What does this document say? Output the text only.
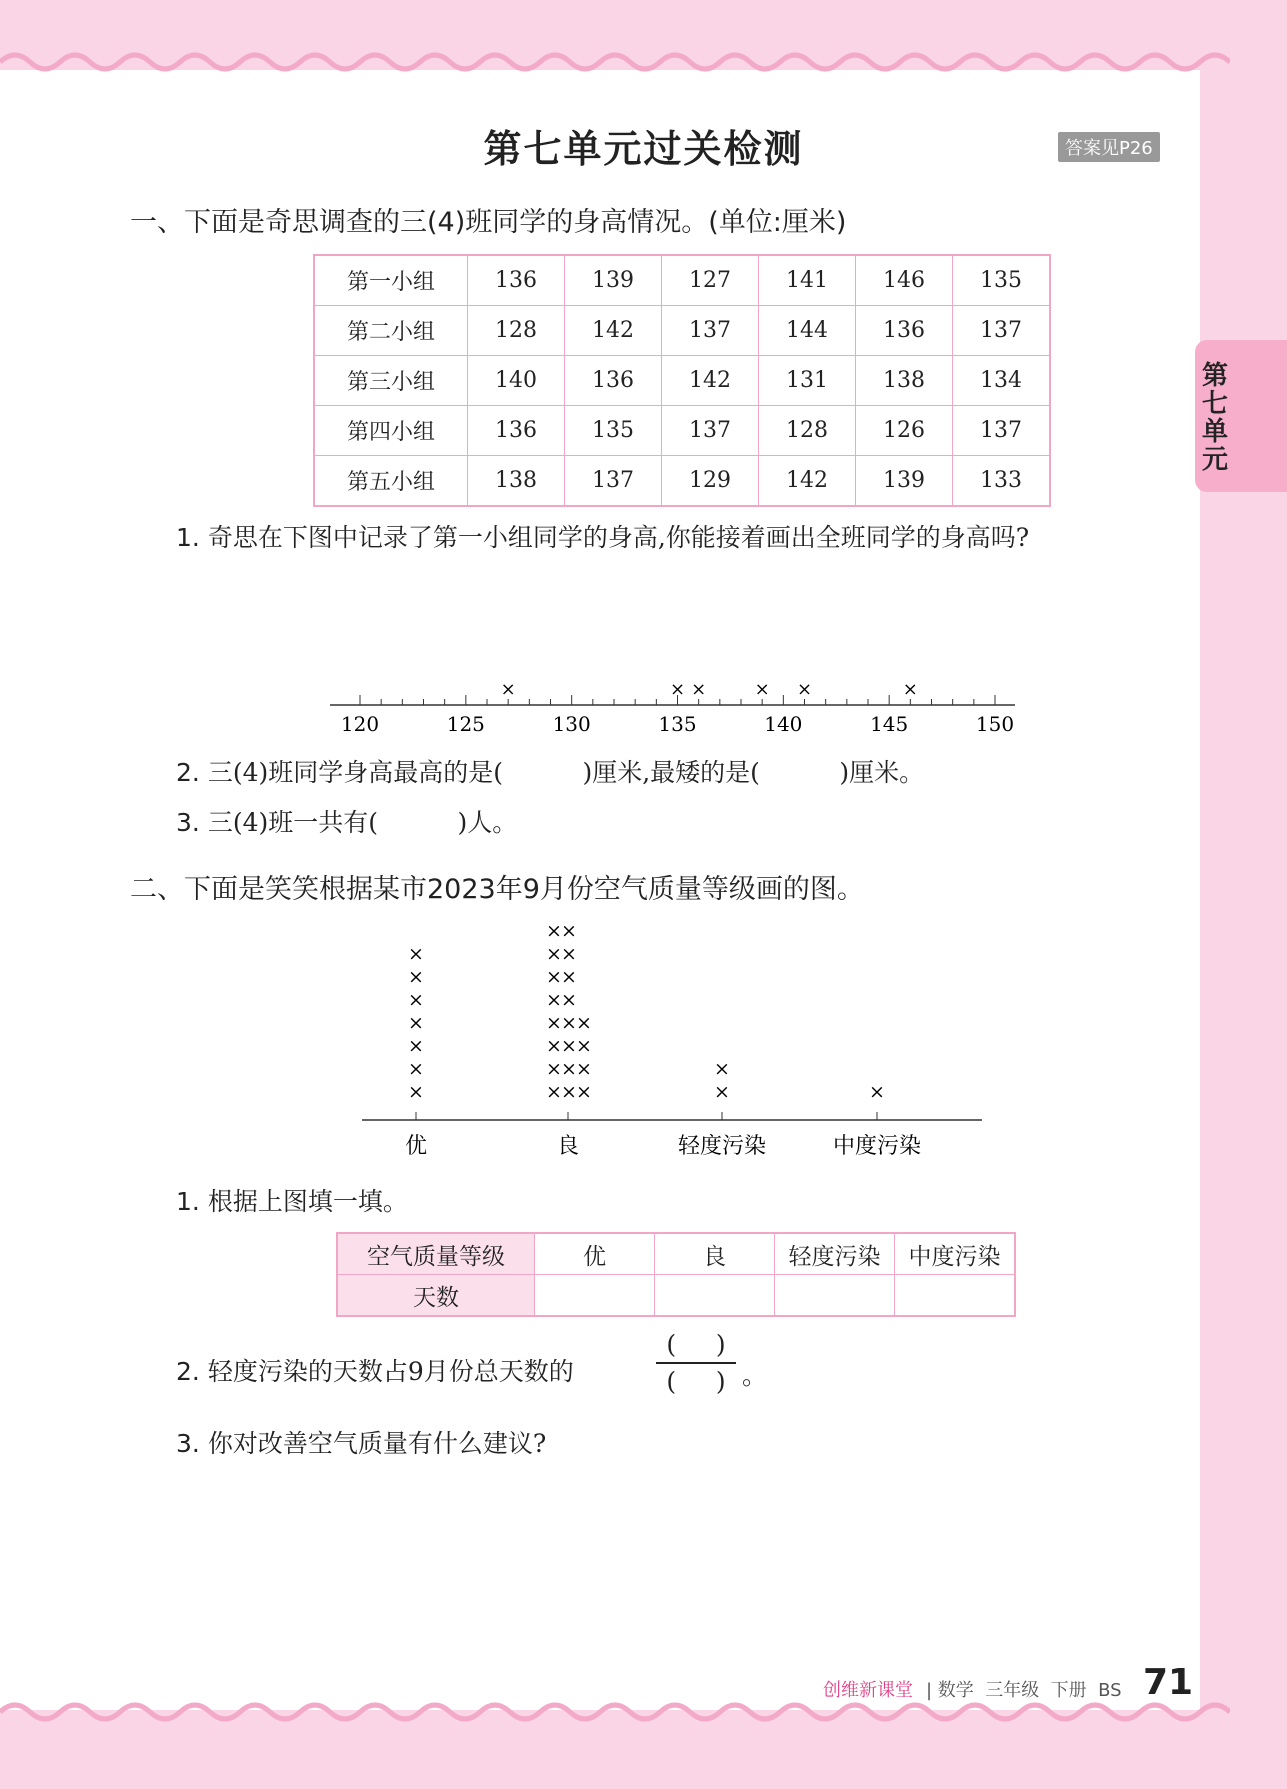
第七单元过关检测	答案见P26
第七单元
一、下面是奇思调查的三(4)班同学的身高情况。(单位:厘米)
第一小组	136	139	127	141	146	135
第二小组	128	142	137	144	136	137
第三小组	140	136	142	131	138	134
第四小组	136	135	137	128	126	137
第五小组	138	137	129	142	139	133
1. 奇思在下图中记录了第一小组同学的身高,你能接着画出全班同学的身高吗?
120	125	130	135	140	145	150
×	× ×	× ×	×
2. 三(4)班同学身高最高的是(          )厘米,最矮的是(          )厘米。
3. 三(4)班一共有(          )人。
二、下面是笑笑根据某市2023年9月份空气质量等级画的图。
优
×
×
×
×
×
×
×
良
× × ×
× × ×
× × ×
× × ×
× ×
× ×
× ×
× ×
轻度污染
×
×
中度污染
×
1. 根据上图填一填。
空气质量等级	优	良	轻度污染	中度污染
天数				
2. 轻度污染的天数占9月份总天数的
(     )
(     ) 。
3. 你对改善空气质量有什么建议?
创维新课堂 | 数学  三年级  下册  BS 71
